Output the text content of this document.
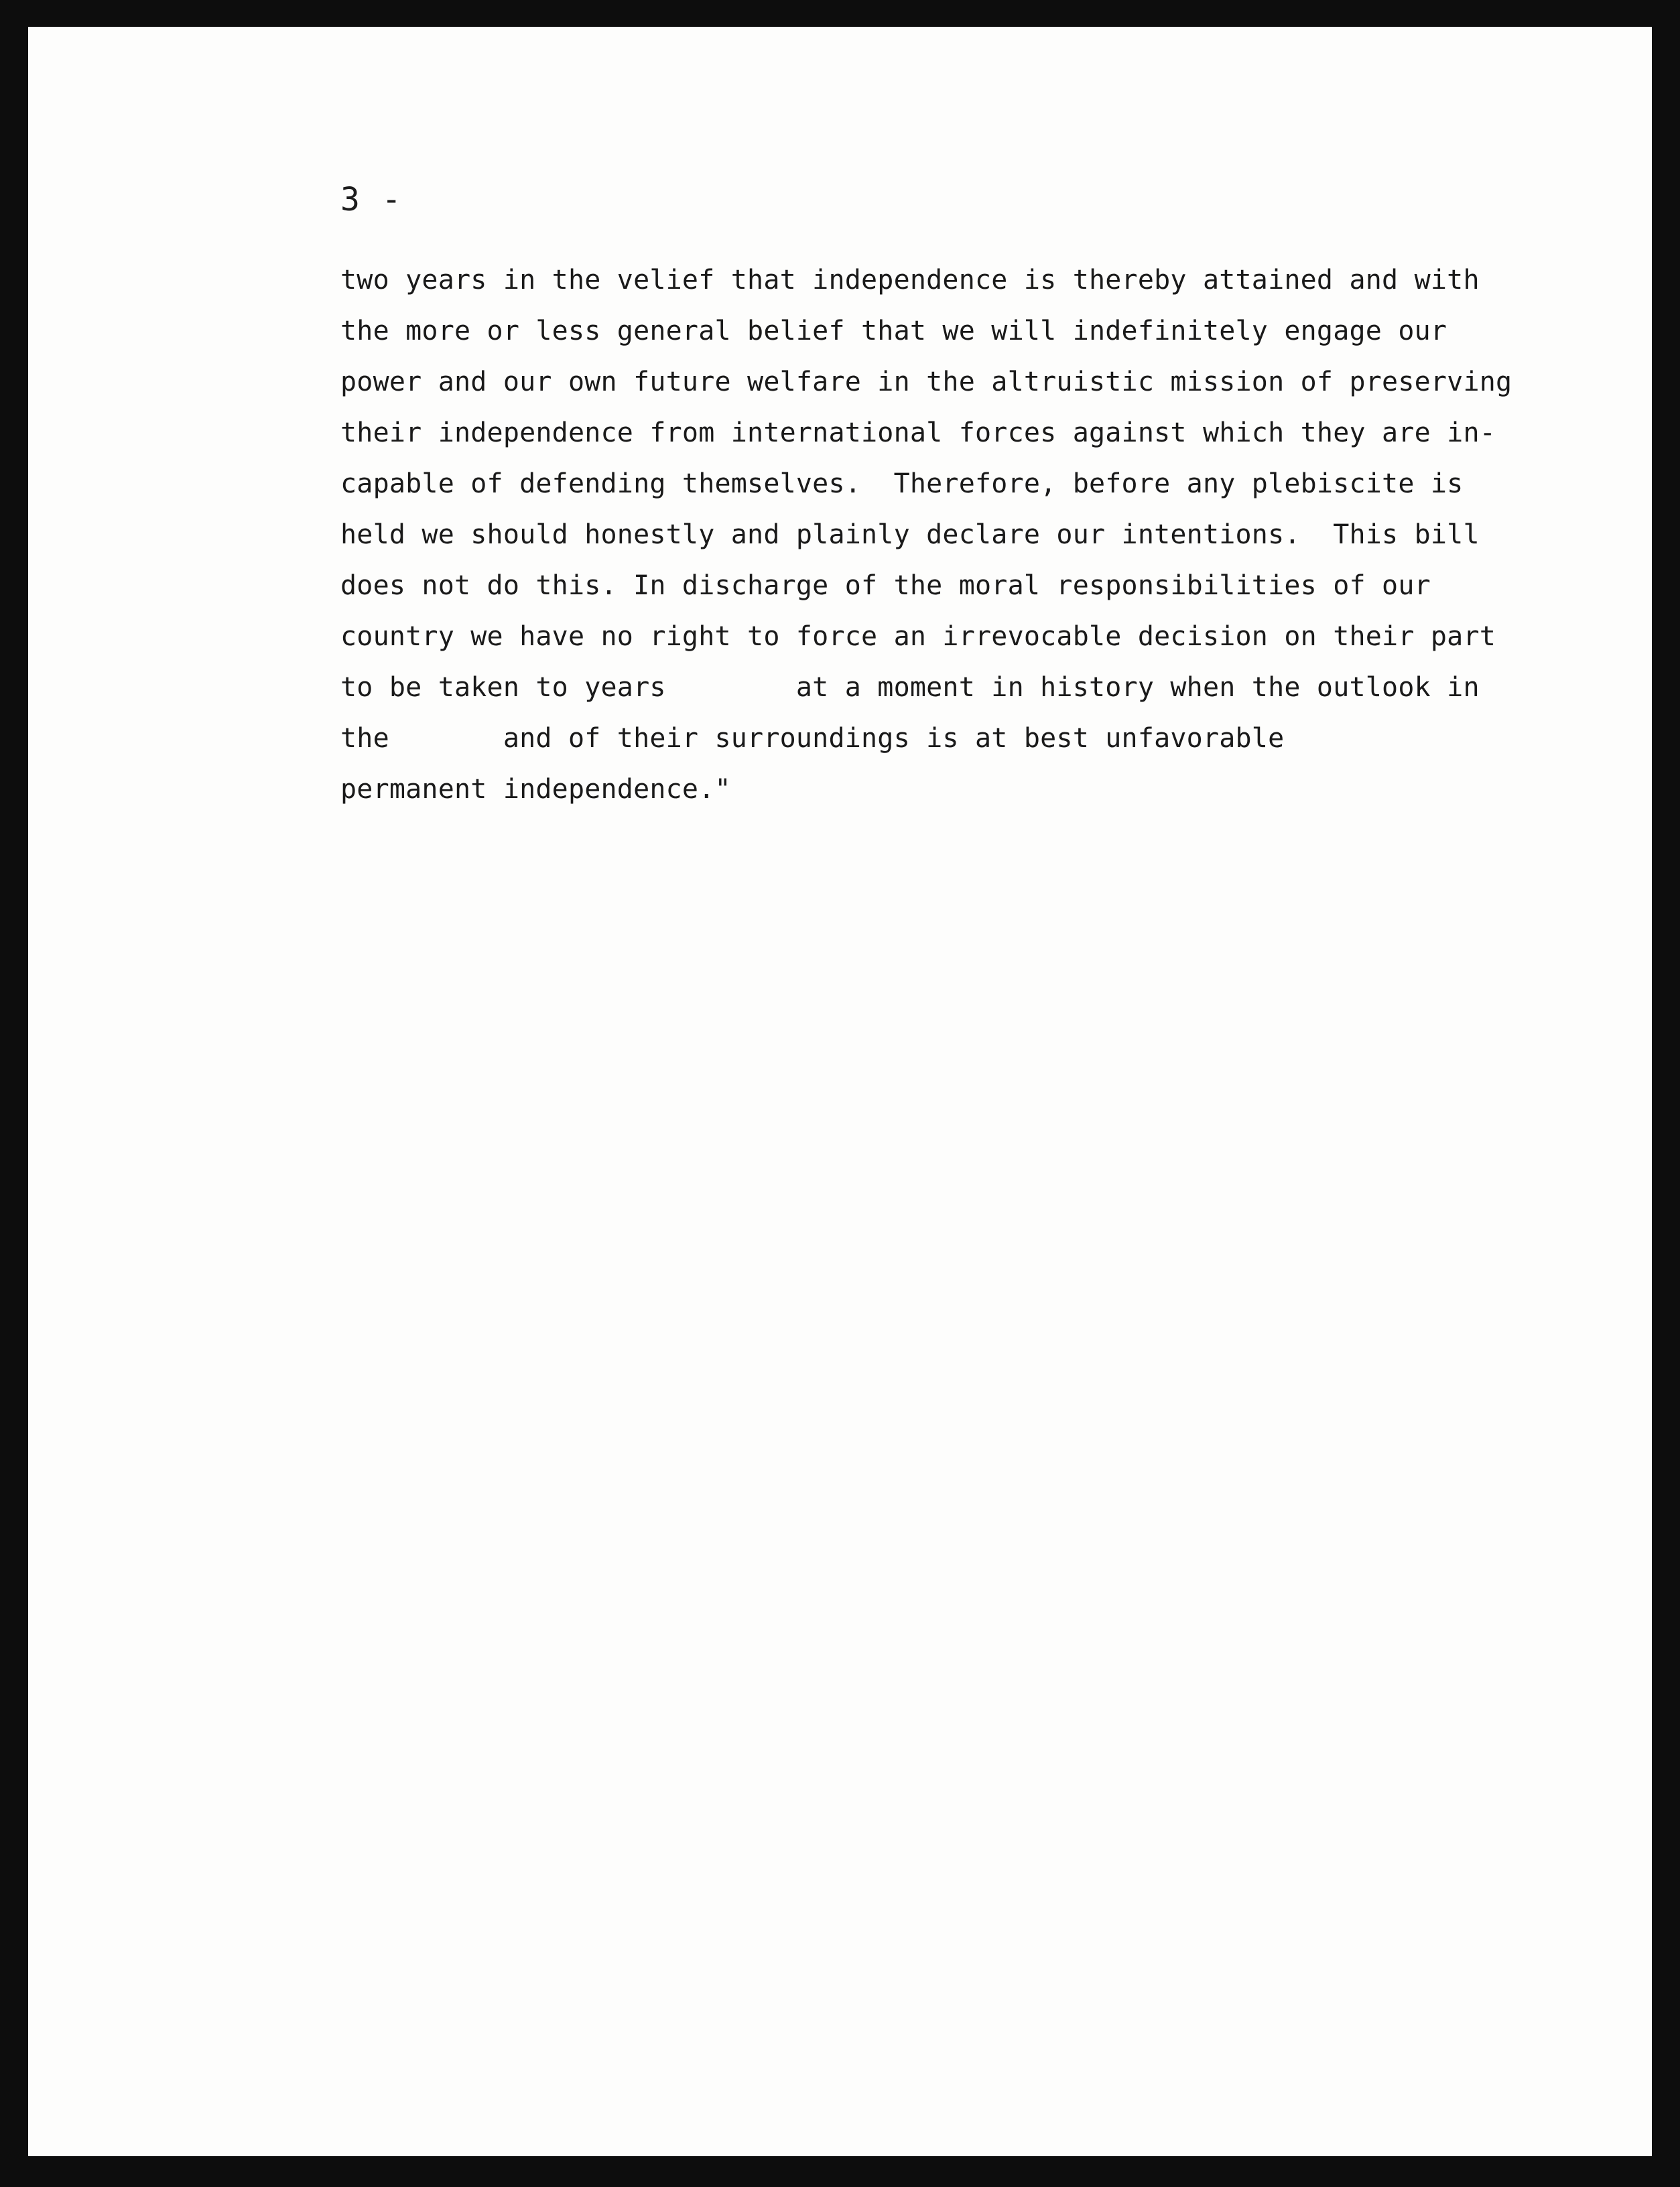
3 -

two years in the velief that independence is thereby attained and with
the more or less general belief that we will indefinitely engage our
power and our own future welfare in the altruistic mission of preserving
their independence from international forces against which they are in-
capable of defending themselves.  Therefore, before any plebiscite is
held we should honestly and plainly declare our intentions.  This bill
does not do this. In discharge of the moral responsibilities of our
country we have no right to force an irrevocable decision on their part
to be taken to years        at a moment in history when the outlook in
the       and of their surroundings is at best unfavorable
permanent independence."
